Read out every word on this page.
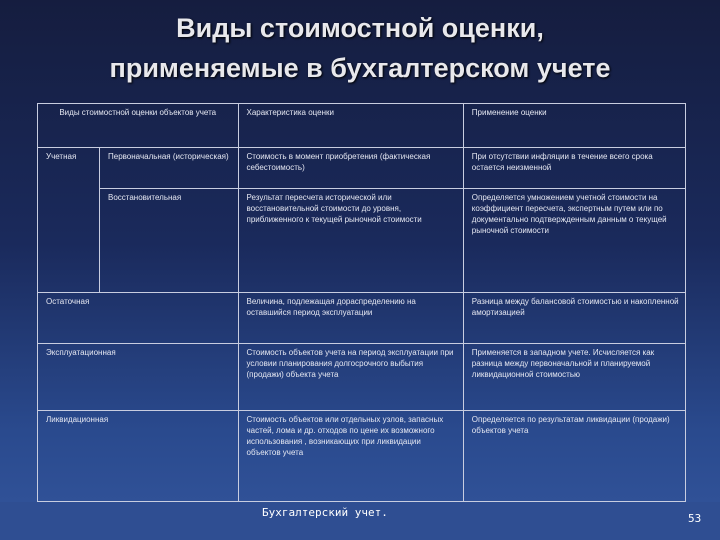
Виды стоимостной оценки,
применяемые в бухгалтерском учете
Виды стоимостной оценки объектов учета		Характеристика оценки	Применение оценки
Учетная	Первоначальная (историческая)	Стоимость в момент приобретения (фактическая себестоимость)	При отсутствии инфляции в течение всего срока остается неизменной
	Восстановительная	Результат пересчета исторической или восстановительной стоимости до уровня, приближенного к текущей рыночной стоимости	Определяется умножением учетной стоимости на коэффициент пересчета, экспертным путем или по документально подтвержденным данным о текущей рыночной стоимости
Остаточная		Величина, подлежащая дораспределению на оставшийся период эксплуатации	Разница между балансовой стоимостью и накопленной амортизацией
Эксплуатационная		Стоимость объектов учета на период эксплуатации при условии планирования долгосрочного выбытия (продажи) объекта учета	Применяется в западном учете. Исчисляется как разница между первоначальной и планируемой ликвидационной стоимостью
Ликвидационная		Стоимость объектов или отдельных узлов, запасных частей, лома и др. отходов по цене их возможного использования , возникающих при ликвидации объектов учета	Определяется по результатам ликвидации (продажи) объектов учета
Бухгалтерский учет.	53
